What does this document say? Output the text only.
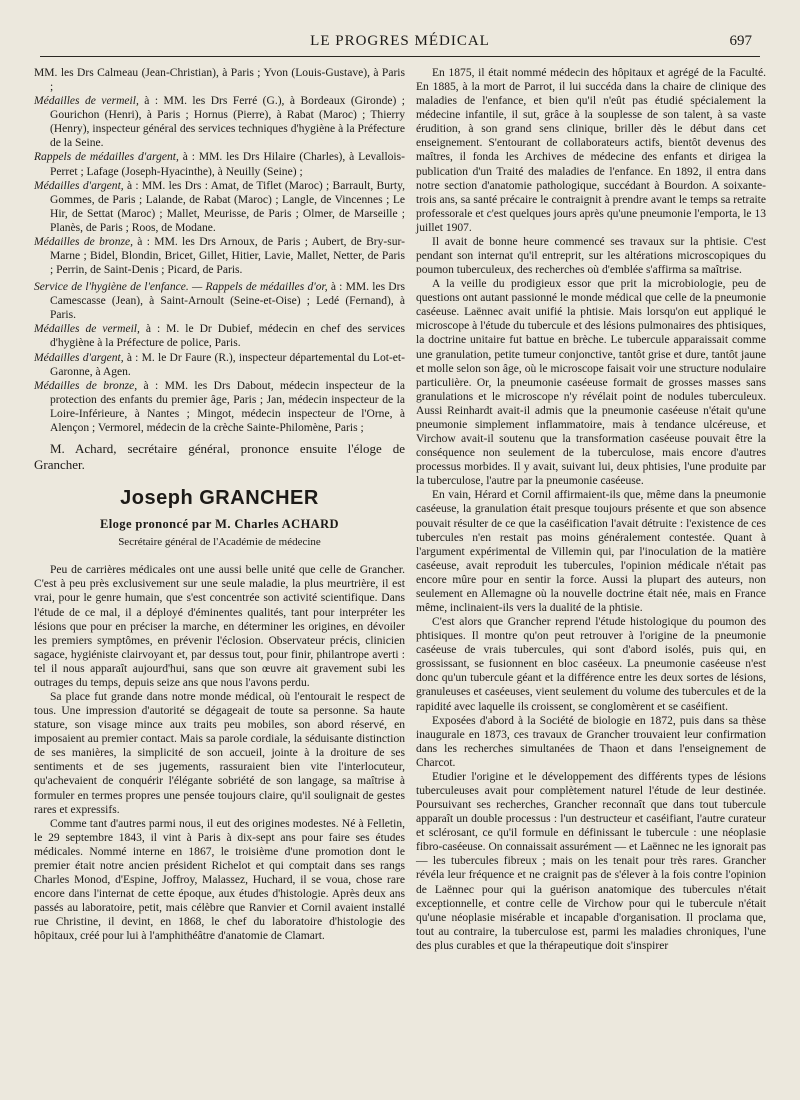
LE PROGRES MÉDICAL	697

MM. les Drs Calmeau (Jean-Christian), à Paris ; Yvon (Louis-Gustave), à Paris ;

Médailles de vermeil, à : MM. les Drs Ferré (G.), à Bordeaux (Gironde) ; Gourichon (Henri), à Paris ; Hornus (Pierre), à Rabat (Maroc) ; Thierry (Henry), inspecteur général des services techniques d'hygiène à la Préfecture de la Seine.

Rappels de médailles d'argent, à : MM. les Drs Hilaire (Charles), à Levallois-Perret ; Lafage (Joseph-Hyacinthe), à Neuilly (Seine) ;

Médailles d'argent, à : MM. les Drs : Amat, de Tiflet (Maroc) ; Barrault, Burty, Gommes, de Paris ; Lalande, de Rabat (Maroc) ; Langle, de Vincennes ; Le Hir, de Settat (Maroc) ; Mallet, Meurisse, de Paris ; Olmer, de Marseille ; Planès, de Paris ; Roos, de Modane.

Médailles de bronze, à : MM. les Drs Arnoux, de Paris ; Aubert, de Bry-sur-Marne ; Bidel, Blondin, Bricet, Gillet, Hitier, Lavie, Mallet, Netter, de Paris ; Perrin, de Saint-Denis ; Picard, de Paris.

Service de l'hygiène de l'enfance. — Rappels de médailles d'or, à : MM. les Drs Camescasse (Jean), à Saint-Arnoult (Seine-et-Oise) ; Ledé (Fernand), à Paris.

Médailles de vermeil, à : M. le Dr Dubief, médecin en chef des services d'hygiène à la Préfecture de police, Paris.

Médailles d'argent, à : M. le Dr Faure (R.), inspecteur départemental du Lot-et-Garonne, à Agen.

Médailles de bronze, à : MM. les Drs Dabout, médecin inspecteur de la protection des enfants du premier âge, Paris ; Jan, médecin inspecteur de la Loire-Inférieure, à Nantes ; Mingot, médecin inspecteur de l'Orne, à Alençon ; Vermorel, médecin de la crèche Sainte-Philomène, Paris ;

M. Achard, secrétaire général, prononce ensuite l'éloge de Grancher.

Joseph GRANCHER
Eloge prononcé par M. Charles ACHARD
Secrétaire général de l'Académie de médecine

Peu de carrières médicales ont une aussi belle unité que celle de Grancher. C'est à peu près exclusivement sur une seule maladie, la plus meurtrière, il est vrai, pour le genre humain, que s'est concentrée son activité scientifique. Dans l'étude de ce mal, il a déployé d'éminentes qualités, tant pour interpréter les lésions que pour en préciser la marche, en déterminer les origines, en dévoiler les premiers symptômes, en prévenir l'éclosion. Observateur précis, clinicien sagace, hygiéniste clairvoyant et, par dessus tout, pour finir, philantrope averti : tel il nous apparaît aujourd'hui, sans que son œuvre ait gravement subi les outrages du temps, depuis seize ans que nous l'avons perdu.

Sa place fut grande dans notre monde médical, où l'entourait le respect de tous. Une impression d'autorité se dégageait de toute sa personne. Sa haute stature, son visage mince aux traits peu mobiles, son abord réservé, en imposaient au premier contact. Mais sa parole cordiale, la séduisante distinction de ses manières, la simplicité de son accueil, jointe à la droiture de ses sentiments et de ses jugements, rassuraient bien vite l'interlocuteur, qu'achevaient de conquérir l'élégante sobriété de son langage, sa maîtrise à formuler en termes propres une pensée toujours claire, qu'il soulignait de gestes rares et expressifs.

Comme tant d'autres parmi nous, il eut des origines modestes. Né à Felletin, le 29 septembre 1843, il vint à Paris à dix-sept ans pour faire ses études médicales. Nommé interne en 1867, le troisième d'une promotion dont le premier était notre ancien président Richelot et qui comptait dans ses rangs Charles Monod, d'Espine, Joffroy, Malassez, Huchard, il se voua, chose rare encore dans l'internat de cette époque, aux études d'histologie. Après deux ans passés au laboratoire, petit, mais célèbre que Ranvier et Cornil avaient installé rue Christine, il devint, en 1868, le chef du laboratoire d'histologie des hôpitaux, créé pour lui à l'amphithéâtre d'anatomie de Clamart.

En 1875, il était nommé médecin des hôpitaux et agrégé de la Faculté. En 1885, à la mort de Parrot, il lui succéda dans la chaire de clinique des maladies de l'enfance, et bien qu'il n'eût pas étudié spécialement la médecine infantile, il sut, grâce à la souplesse de son talent, à sa vaste érudition, à son grand sens clinique, briller dès le début dans cet enseignement. S'entourant de collaborateurs actifs, bientôt devenus des maîtres, il fonda les Archives de médecine des enfants et dirigea la publication d'un Traité des maladies de l'enfance. En 1892, il entra dans notre section d'anatomie pathologique, succédant à Bourdon. A soixante-trois ans, sa santé précaire le contraignit à prendre avant le temps sa retraite professorale et c'est quelques jours après qu'une pneumonie l'emporta, le 13 juillet 1907.

Il avait de bonne heure commencé ses travaux sur la phtisie. C'est pendant son internat qu'il entreprit, sur les altérations microscopiques du poumon tuberculeux, des recherches où d'emblée s'affirma sa maîtrise.

A la veille du prodigieux essor que prit la microbiologie, peu de questions ont autant passionné le monde médical que celle de la pneumonie caséeuse. Laënnec avait unifié la phtisie. Mais lorsqu'on eut appliqué le microscope à l'étude du tubercule et des lésions pulmonaires des phtisiques, la doctrine unitaire fut battue en brèche. Le tubercule apparaissait comme une granulation, petite tumeur conjonctive, tantôt grise et dure, tantôt jaune et molle selon son âge, où le microscope faisait voir une structure nodulaire particulière. Or, la pneumonie caséeuse formait de grosses masses sans granulations et le microscope n'y révélait point de nodules tuberculeux. Aussi Reinhardt avait-il admis que la pneumonie caséeuse n'était qu'une pneumonie simplement inflammatoire, mais à tendance ulcéreuse, et Virchow avait-il soutenu que la transformation caséeuse pouvait être la conséquence non seulement de la tuberculose, mais encore d'autres processus morbides. Il y avait, suivant lui, deux phtisies, l'une produite par la tuberculose, l'autre par la pneumonie caséeuse.

En vain, Hérard et Cornil affirmaient-ils que, même dans la pneumonie caséeuse, la granulation était presque toujours présente et que son absence pouvait résulter de ce que la caséification l'avait détruite : l'existence de ces tubercules n'en restait pas moins généralement contestée. Quant à l'argument expérimental de Villemin qui, par l'inoculation de la matière caséeuse, avait reproduit les tubercules, l'opinion médicale n'était pas encore mûre pour en sentir la force. Aussi la plupart des auteurs, non seulement en Allemagne où la nouvelle doctrine était née, mais en France même, inclinaient-ils vers la dualité de la phtisie.

C'est alors que Grancher reprend l'étude histologique du poumon des phtisiques. Il montre qu'on peut retrouver à l'origine de la pneumonie caséeuse de vrais tubercules, qui sont d'abord isolés, puis qui, en grossissant, se fusionnent en bloc caséeux. La pneumonie caséeuse n'est donc qu'un tubercule géant et la différence entre les deux sortes de lésions, granuleuses et caséeuses, vient seulement du volume des tubercules et de la rapidité avec laquelle ils croissent, se conglomèrent et se caséifient.

Exposées d'abord à la Société de biologie en 1872, puis dans sa thèse inaugurale en 1873, ces travaux de Grancher trouvaient leur confirmation dans les recherches simultanées de Thaon et dans l'enseignement de Charcot.

Etudier l'origine et le développement des différents types de lésions tuberculeuses avait pour complètement naturel l'étude de leur destinée. Poursuivant ses recherches, Grancher reconnaît que dans tout tubercule apparaît un double processus : l'un destructeur et caséifiant, l'autre curateur et sclérosant, ce qu'il formule en définissant le tubercule : une néoplasie fibro-caséeuse. On connaissait assurément — et Laënnec ne les ignorait pas — les tubercules fibreux ; mais on les tenait pour très rares. Grancher révéla leur fréquence et ne craignit pas de s'élever à la fois contre l'opinion de Laënnec pour qui la guérison anatomique des tubercules n'était exceptionnelle, et contre celle de Virchow pour qui le tubercule n'était qu'une néoplasie misérable et incapable d'organisation. Il proclama que, tout au contraire, la tuberculose est, parmi les maladies chroniques, l'une des plus curables et que la thérapeutique doit s'inspirer
